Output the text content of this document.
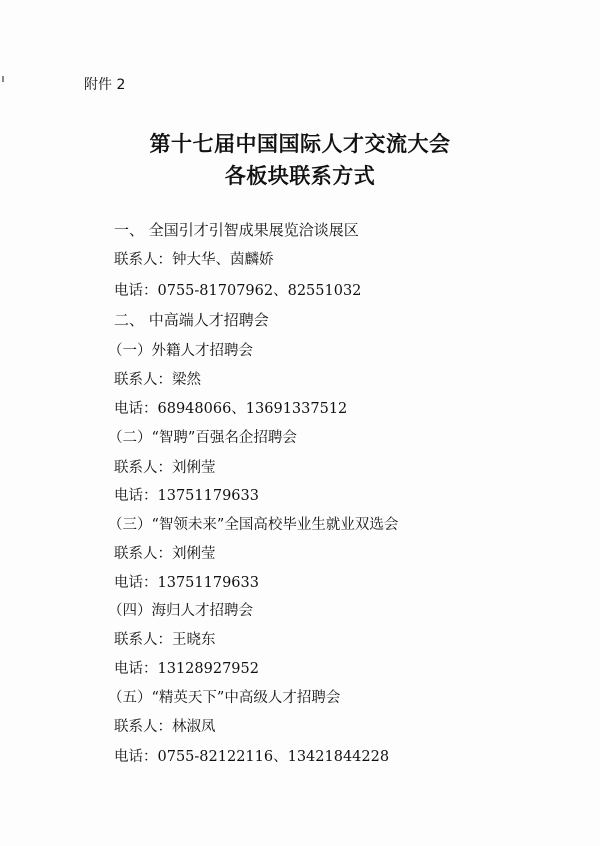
附件 2
第十七届中国国际人才交流大会
各板块联系方式
一、 全国引才引智成果展览洽谈展区
联系人：钟大华、茵麟娇
电话：0755-81707962、82551032
二、 中高端人才招聘会
（一）外籍人才招聘会
联系人：梁然
电话：68948066、13691337512
（二）“智聘”百强名企招聘会
联系人：刘俐莹
电话：13751179633
（三）“智领未来”全国高校毕业生就业双选会
联系人：刘俐莹
电话：13751179633
（四）海归人才招聘会
联系人：王晓东
电话：13128927952
（五）“精英天下”中高级人才招聘会
联系人：林淑凤
电话：0755-82122116、13421844228
